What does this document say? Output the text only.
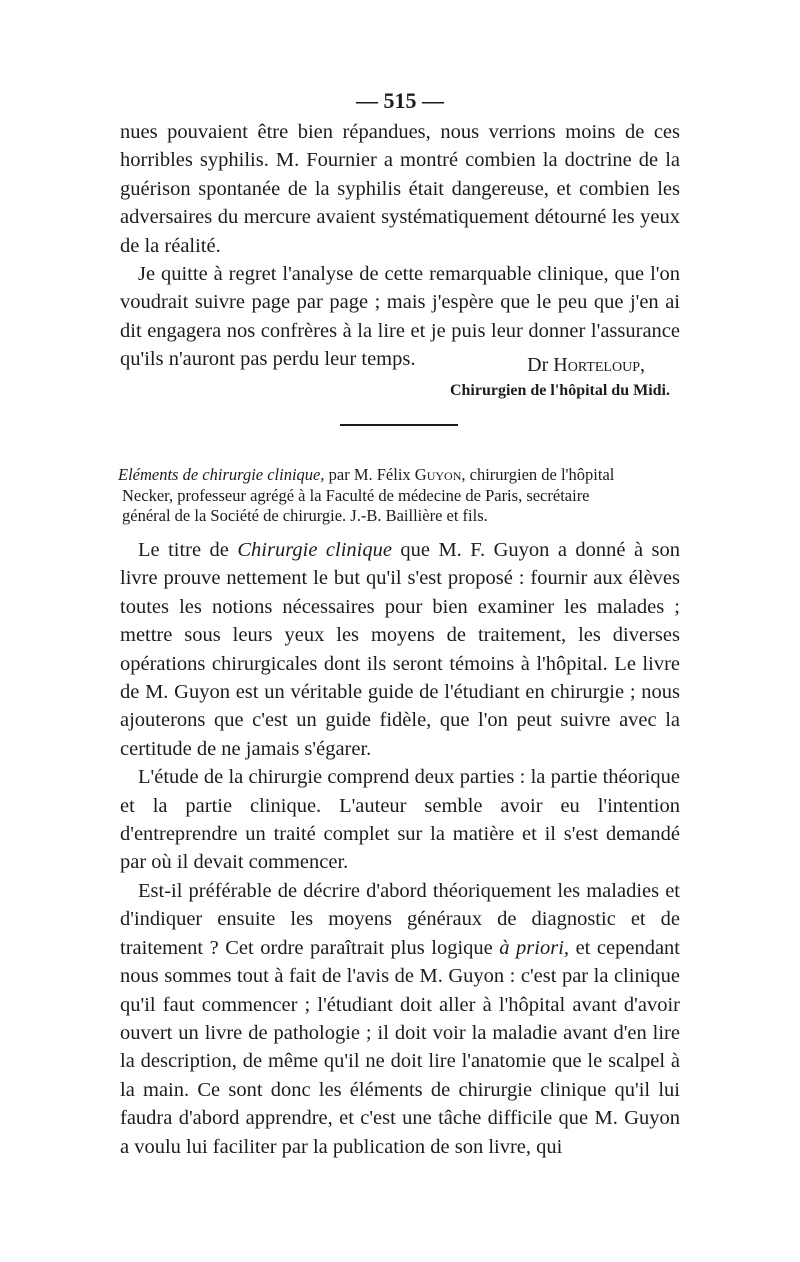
— 515 —

nues pouvaient être bien répandues, nous verrions moins de ces horribles syphilis. M. Fournier a montré combien la doctrine de la guérison spontanée de la syphilis était dangereuse, et combien les adversaires du mercure avaient systématiquement détourné les yeux de la réalité.

Je quitte à regret l'analyse de cette remarquable clinique, que l'on voudrait suivre page par page ; mais j'espère que le peu que j'en ai dit engagera nos confrères à la lire et je puis leur donner l'assurance qu'ils n'auront pas perdu leur temps.	Dr Horteloup,

Chirurgien de l'hôpital du Midi.

Eléments de chirurgie clinique, par M. Félix Guyon, chirurgien de l'hôpital
Necker, professeur agrégé à la Faculté de médecine de Paris, secrétaire
général de la Société de chirurgie. J.-B. Baillière et fils.

Le titre de Chirurgie clinique que M. F. Guyon a donné à son livre prouve nettement le but qu'il s'est proposé : fournir aux élèves toutes les notions nécessaires pour bien examiner les malades ; mettre sous leurs yeux les moyens de traitement, les diverses opérations chirurgicales dont ils seront témoins à l'hôpital. Le livre de M. Guyon est un véritable guide de l'étudiant en chirurgie ; nous ajouterons que c'est un guide fidèle, que l'on peut suivre avec la certitude de ne jamais s'égarer.

L'étude de la chirurgie comprend deux parties : la partie théorique et la partie clinique. L'auteur semble avoir eu l'intention d'entreprendre un traité complet sur la matière et il s'est demandé par où il devait commencer.

Est-il préférable de décrire d'abord théoriquement les maladies et d'indiquer ensuite les moyens généraux de diagnostic et de traitement ? Cet ordre paraîtrait plus logique à priori, et cependant nous sommes tout à fait de l'avis de M. Guyon : c'est par la clinique qu'il faut commencer ; l'étudiant doit aller à l'hôpital avant d'avoir ouvert un livre de pathologie ; il doit voir la maladie avant d'en lire la description, de même qu'il ne doit lire l'anatomie que le scalpel à la main. Ce sont donc les éléments de chirurgie clinique qu'il lui faudra d'abord apprendre, et c'est une tâche difficile que M. Guyon a voulu lui faciliter par la publication de son livre, qui
